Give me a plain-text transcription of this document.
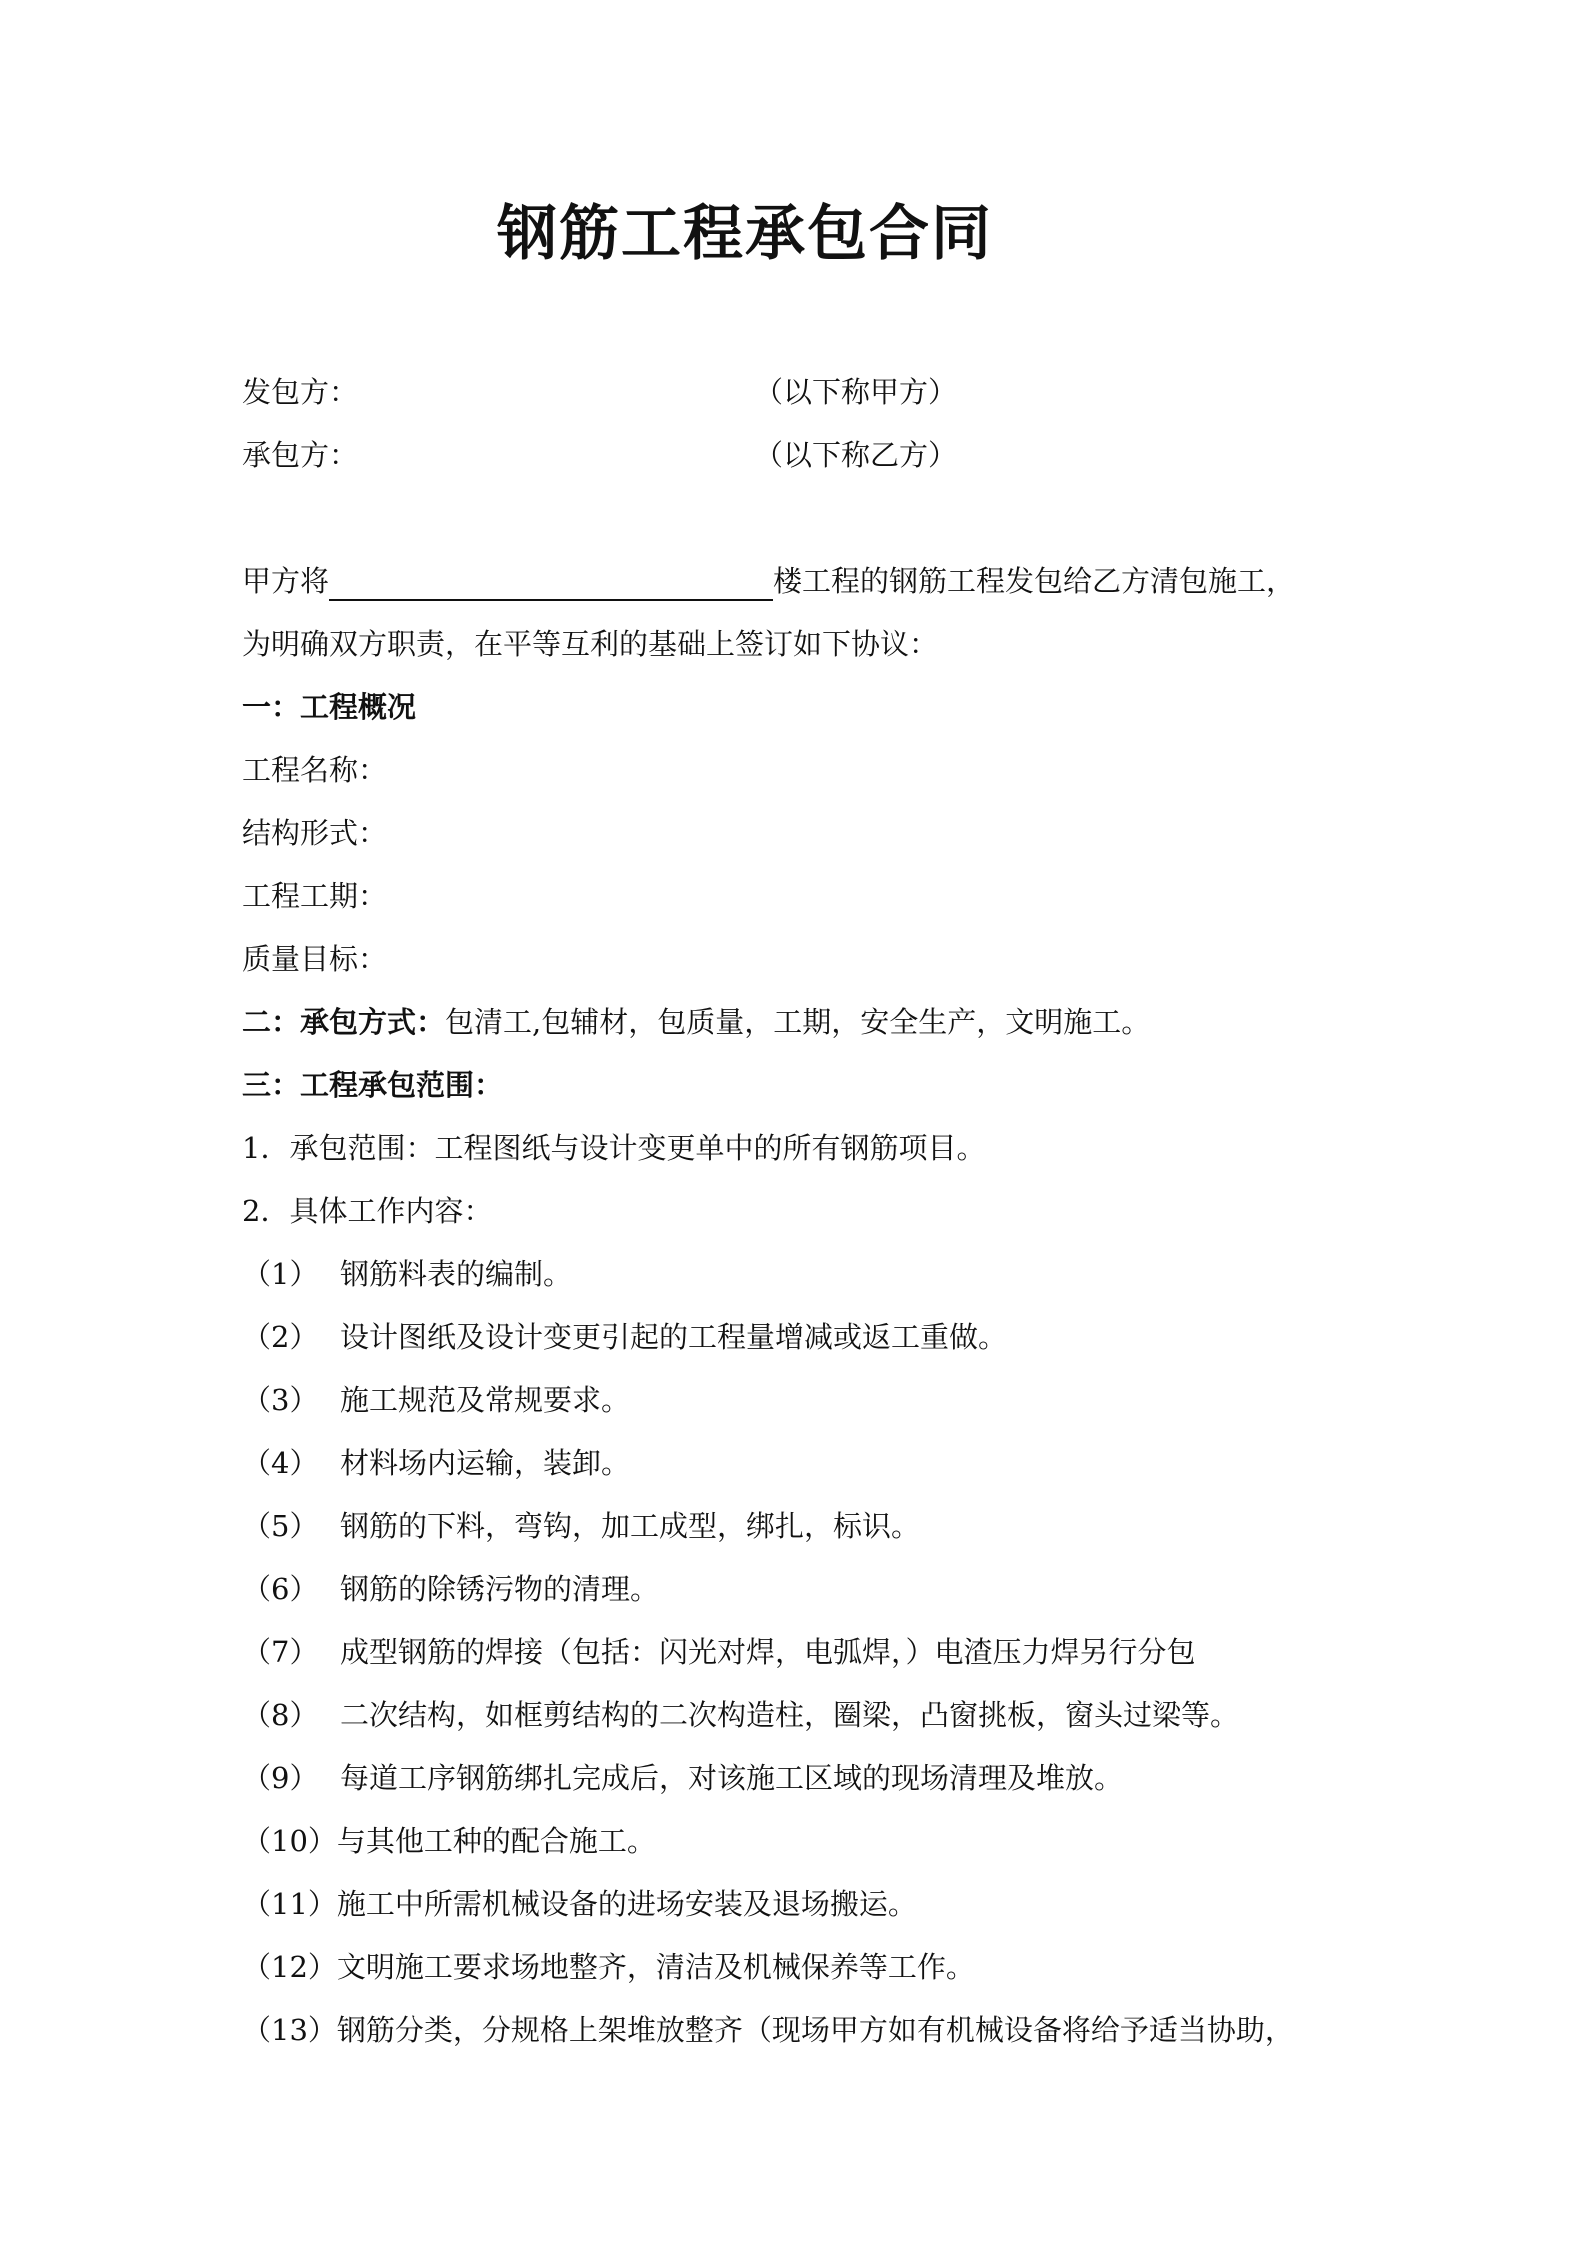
钢筋工程承包合同
发包方：	（以下称甲方）
承包方：	（以下称乙方）
甲方将	楼工程的钢筋工程发包给乙方清包施工，
为明确双方职责，在平等互利的基础上签订如下协议：
一：工程概况
工程名称：
结构形式：
工程工期：
质量目标：
二：承包方式：包清工,包辅材，包质量，工期，安全生产，文明施工。
三：工程承包范围：
1．承包范围：工程图纸与设计变更单中的所有钢筋项目。
2．具体工作内容：
（1） 钢筋料表的编制。
（2） 设计图纸及设计变更引起的工程量增减或返工重做。
（3） 施工规范及常规要求。
（4） 材料场内运输，装卸。
（5） 钢筋的下料，弯钩，加工成型，绑扎，标识。
（6） 钢筋的除锈污物的清理。
（7） 成型钢筋的焊接（包括：闪光对焊，电弧焊，）电渣压力焊另行分包
（8） 二次结构，如框剪结构的二次构造柱，圈梁，凸窗挑板，窗头过梁等。
（9） 每道工序钢筋绑扎完成后，对该施工区域的现场清理及堆放。
（10）与其他工种的配合施工。
（11）施工中所需机械设备的进场安装及退场搬运。
（12）文明施工要求场地整齐，清洁及机械保养等工作。
（13）钢筋分类，分规格上架堆放整齐（现场甲方如有机械设备将给予适当协助，
